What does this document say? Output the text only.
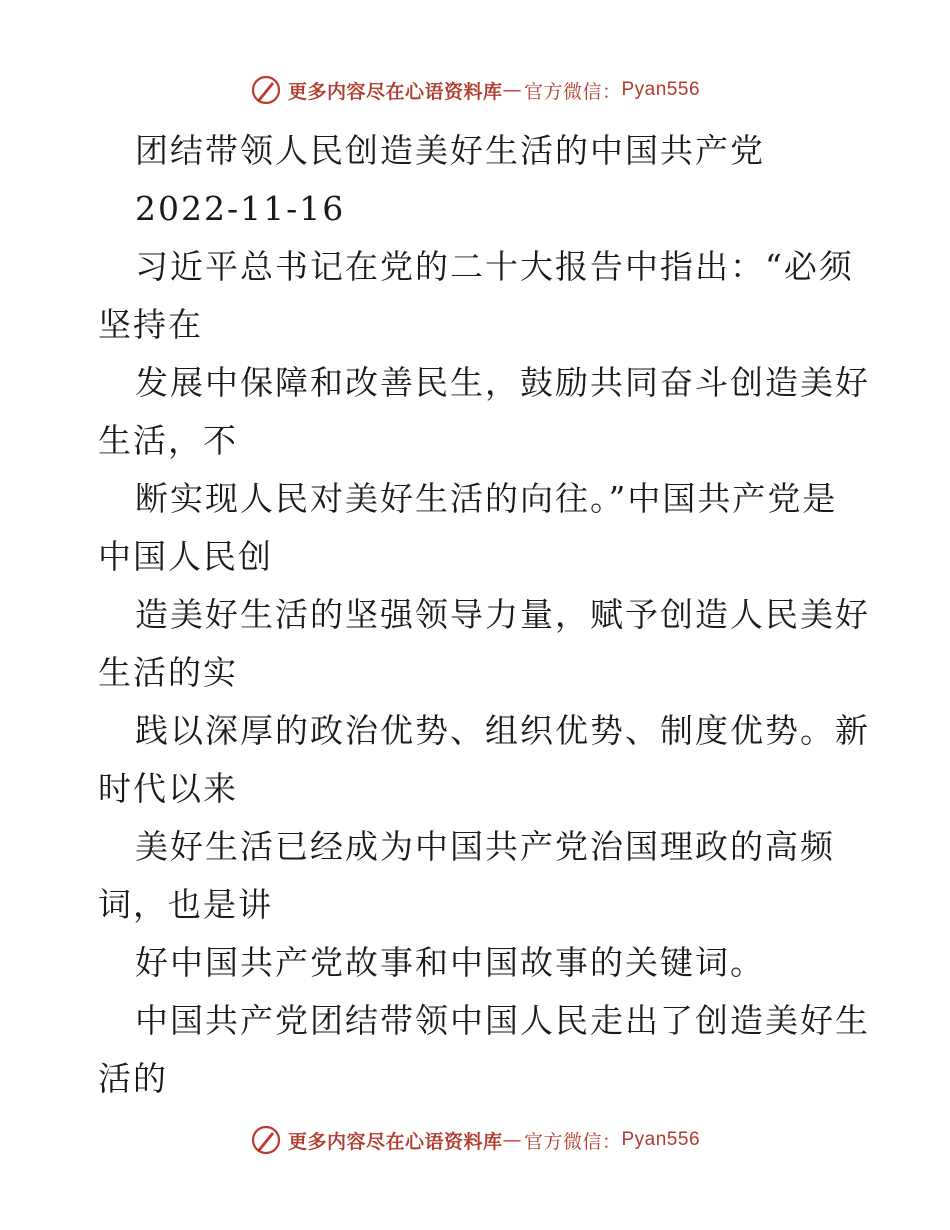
更多内容尽在心语资料库 — 官方微信： Pyan556
团结带领人民创造美好生活的中国共产党
2022-11-16
习近平总书记在党的二十大报告中指出：“必须
坚持在
发展中保障和改善民生，鼓励共同奋斗创造美好
生活，不
断实现人民对美好生活的向往。”中国共产党是
中国人民创
造美好生活的坚强领导力量，赋予创造人民美好
生活的实
践以深厚的政治优势、组织优势、制度优势。新
时代以来
美好生活已经成为中国共产党治国理政的高频
词，也是讲
好中国共产党故事和中国故事的关键词。
中国共产党团结带领中国人民走出了创造美好生
活的
更多内容尽在心语资料库 — 官方微信： Pyan556
